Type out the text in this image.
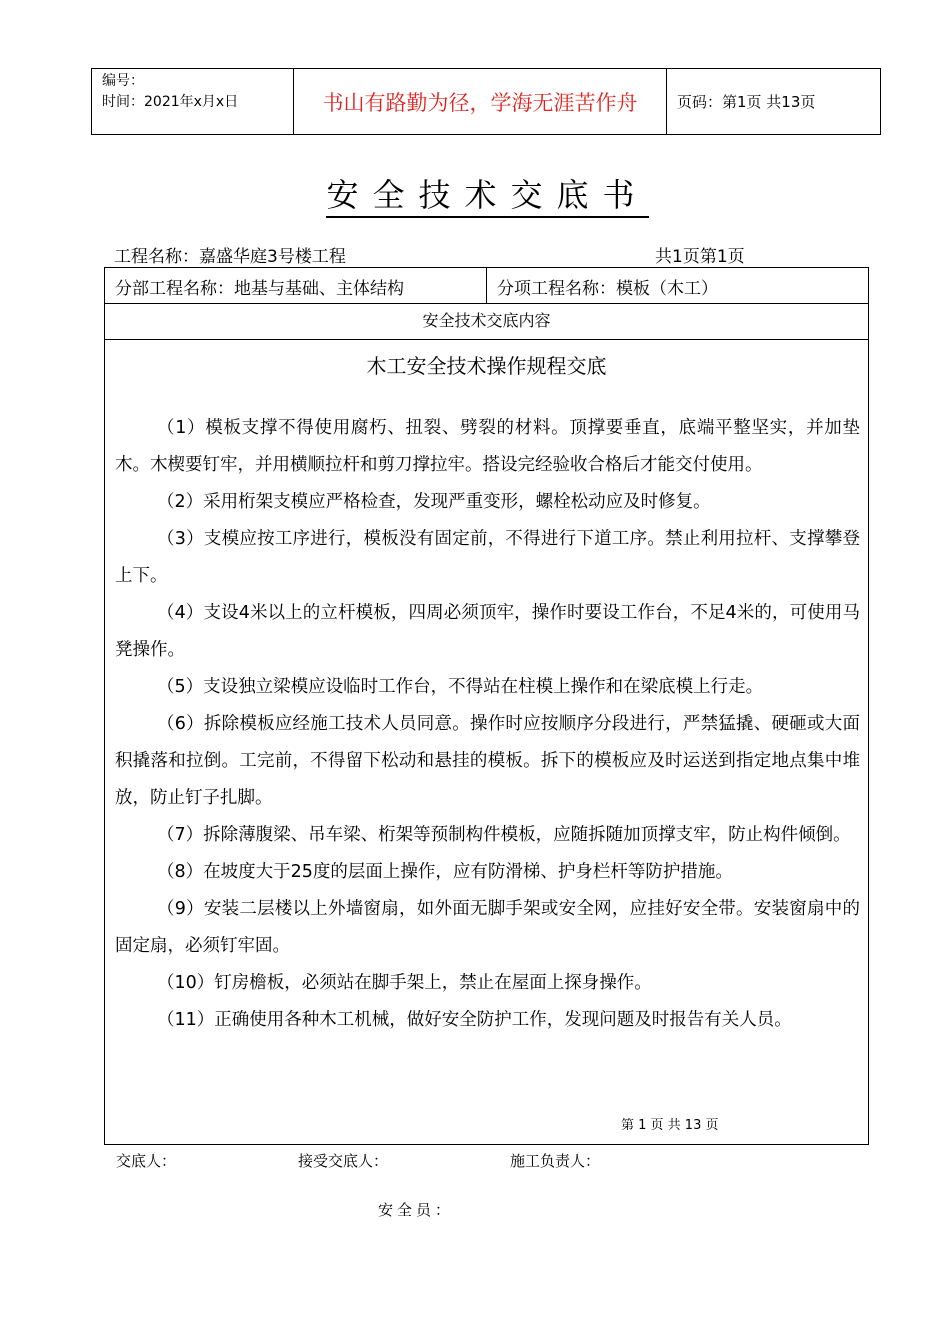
编号：
时间：2021年x月x日	书山有路勤为径，学海无涯苦作舟	页码：第1页 共13页
安全技术交底书
工程名称：嘉盛华庭3号楼工程	共1页第1页
分部工程名称：地基与基础、主体结构	分项工程名称：模板（木工）
安全技术交底内容
木工安全技术操作规程交底

（1）模板支撑不得使用腐朽、扭裂、劈裂的材料。顶撑要垂直，底端平整坚实，并加垫木。木楔要钉牢，并用横顺拉杆和剪刀撑拉牢。搭设完经验收合格后才能交付使用。

（2）采用桁架支模应严格检查，发现严重变形，螺栓松动应及时修复。

（3）支模应按工序进行，模板没有固定前，不得进行下道工序。禁止利用拉杆、支撑攀登上下。

（4）支设4米以上的立杆模板，四周必须顶牢，操作时要设工作台，不足4米的，可使用马凳操作。

（5）支设独立梁模应设临时工作台，不得站在柱模上操作和在梁底模上行走。

（6）拆除模板应经施工技术人员同意。操作时应按顺序分段进行，严禁猛撬、硬砸或大面积撬落和拉倒。工完前，不得留下松动和悬挂的模板。拆下的模板应及时运送到指定地点集中堆放，防止钉子扎脚。

（7）拆除薄腹梁、吊车梁、桁架等预制构件模板，应随拆随加顶撑支牢，防止构件倾倒。

（8）在坡度大于25度的层面上操作，应有防滑梯、护身栏杆等防护措施。

（9）安装二层楼以上外墙窗扇，如外面无脚手架或安全网，应挂好安全带。安装窗扇中的固定扇，必须钉牢固。

（10）钉房檐板，必须站在脚手架上，禁止在屋面上探身操作。

（11）正确使用各种木工机械，做好安全防护工作，发现问题及时报告有关人员。

第 1 页 共 13 页
交底人：	接受交底人：	施工负责人：
安全员：
